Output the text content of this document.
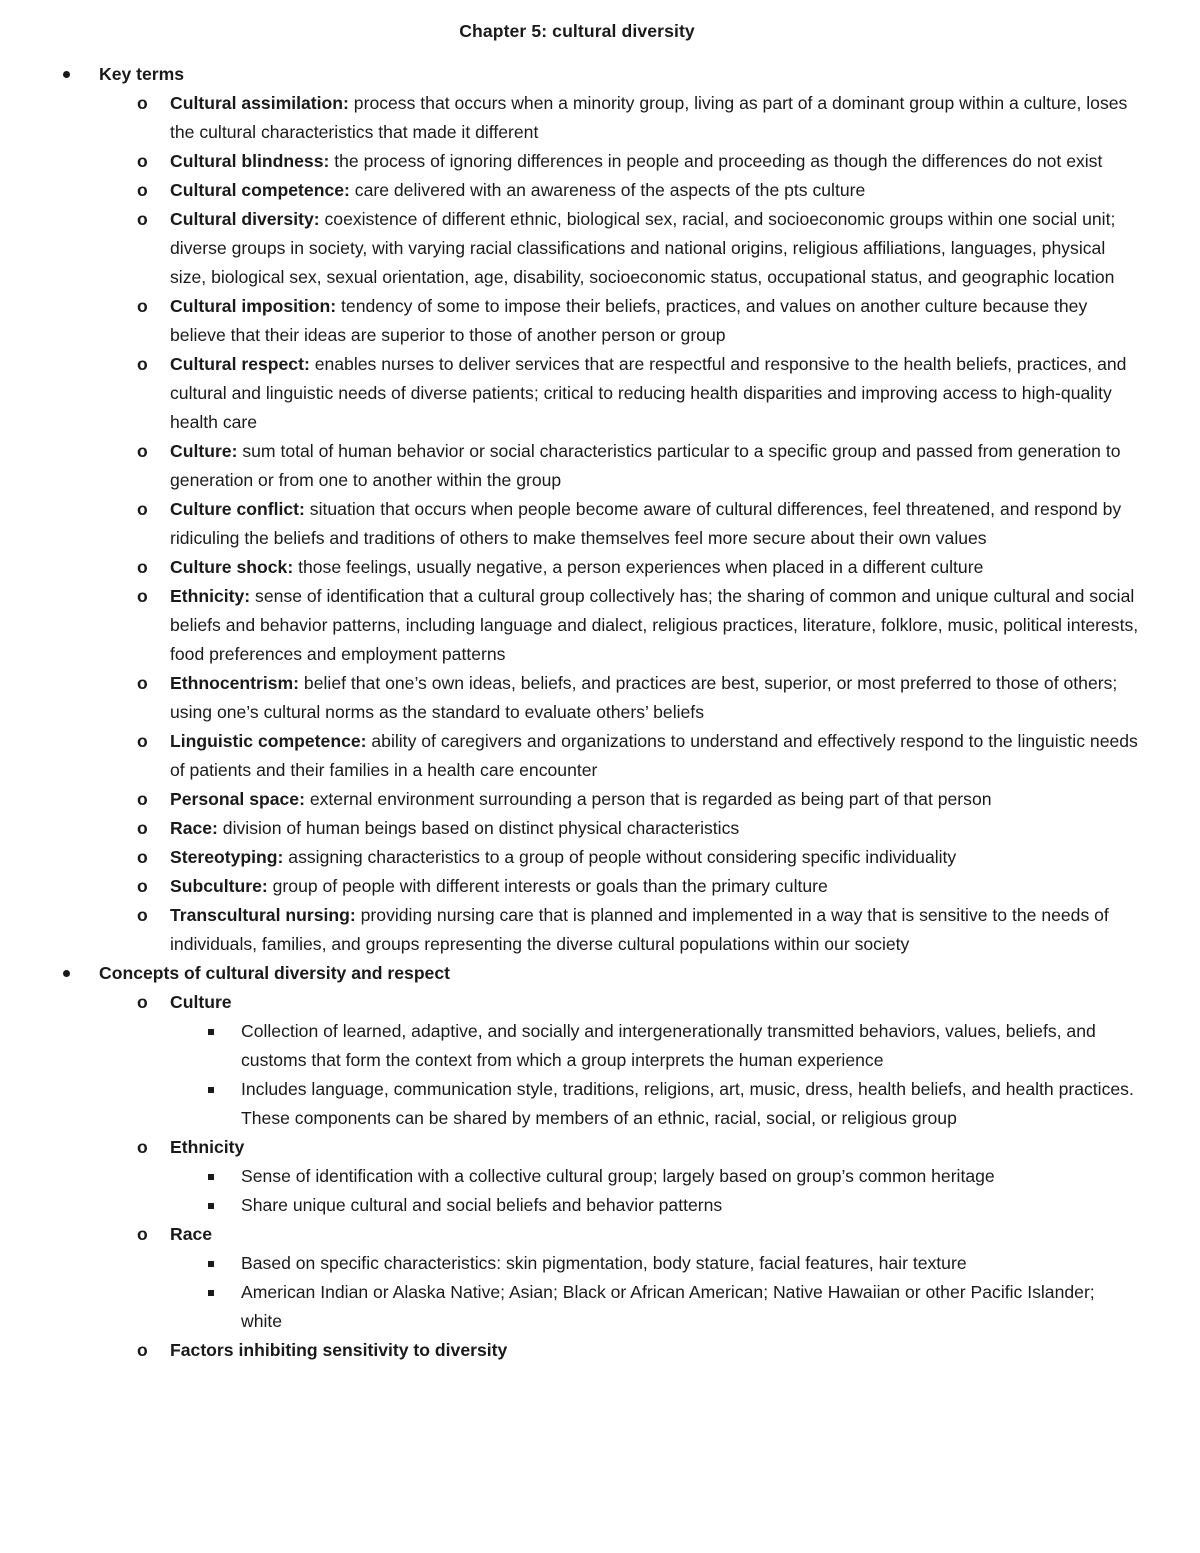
Chapter 5: cultural diversity
Key terms
o Cultural assimilation: process that occurs when a minority group, living as part of a dominant group within a culture, loses the cultural characteristics that made it different
o Cultural blindness: the process of ignoring differences in people and proceeding as though the differences do not exist
o Cultural competence: care delivered with an awareness of the aspects of the pts culture
o Cultural diversity: coexistence of different ethnic, biological sex, racial, and socioeconomic groups within one social unit; diverse groups in society, with varying racial classifications and national origins, religious affiliations, languages, physical size, biological sex, sexual orientation, age, disability, socioeconomic status, occupational status, and geographic location
o Cultural imposition: tendency of some to impose their beliefs, practices, and values on another culture because they believe that their ideas are superior to those of another person or group
o Cultural respect: enables nurses to deliver services that are respectful and responsive to the health beliefs, practices, and cultural and linguistic needs of diverse patients; critical to reducing health disparities and improving access to high-quality health care
o Culture: sum total of human behavior or social characteristics particular to a specific group and passed from generation to generation or from one to another within the group
o Culture conflict: situation that occurs when people become aware of cultural differences, feel threatened, and respond by ridiculing the beliefs and traditions of others to make themselves feel more secure about their own values
o Culture shock: those feelings, usually negative, a person experiences when placed in a different culture
o Ethnicity: sense of identification that a cultural group collectively has; the sharing of common and unique cultural and social beliefs and behavior patterns, including language and dialect, religious practices, literature, folklore, music, political interests, food preferences and employment patterns
o Ethnocentrism: belief that one’s own ideas, beliefs, and practices are best, superior, or most preferred to those of others; using one’s cultural norms as the standard to evaluate others’ beliefs
o Linguistic competence: ability of caregivers and organizations to understand and effectively respond to the linguistic needs of patients and their families in a health care encounter
o Personal space: external environment surrounding a person that is regarded as being part of that person
o Race: division of human beings based on distinct physical characteristics
o Stereotyping: assigning characteristics to a group of people without considering specific individuality
o Subculture: group of people with different interests or goals than the primary culture
o Transcultural nursing: providing nursing care that is planned and implemented in a way that is sensitive to the needs of individuals, families, and groups representing the diverse cultural populations within our society
Concepts of cultural diversity and respect
o Culture
Collection of learned, adaptive, and socially and intergenerationally transmitted behaviors, values, beliefs, and customs that form the context from which a group interprets the human experience
Includes language, communication style, traditions, religions, art, music, dress, health beliefs, and health practices. These components can be shared by members of an ethnic, racial, social, or religious group
o Ethnicity
Sense of identification with a collective cultural group; largely based on group’s common heritage
Share unique cultural and social beliefs and behavior patterns
o Race
Based on specific characteristics: skin pigmentation, body stature, facial features, hair texture
American Indian or Alaska Native; Asian; Black or African American; Native Hawaiian or other Pacific Islander; white
o Factors inhibiting sensitivity to diversity
